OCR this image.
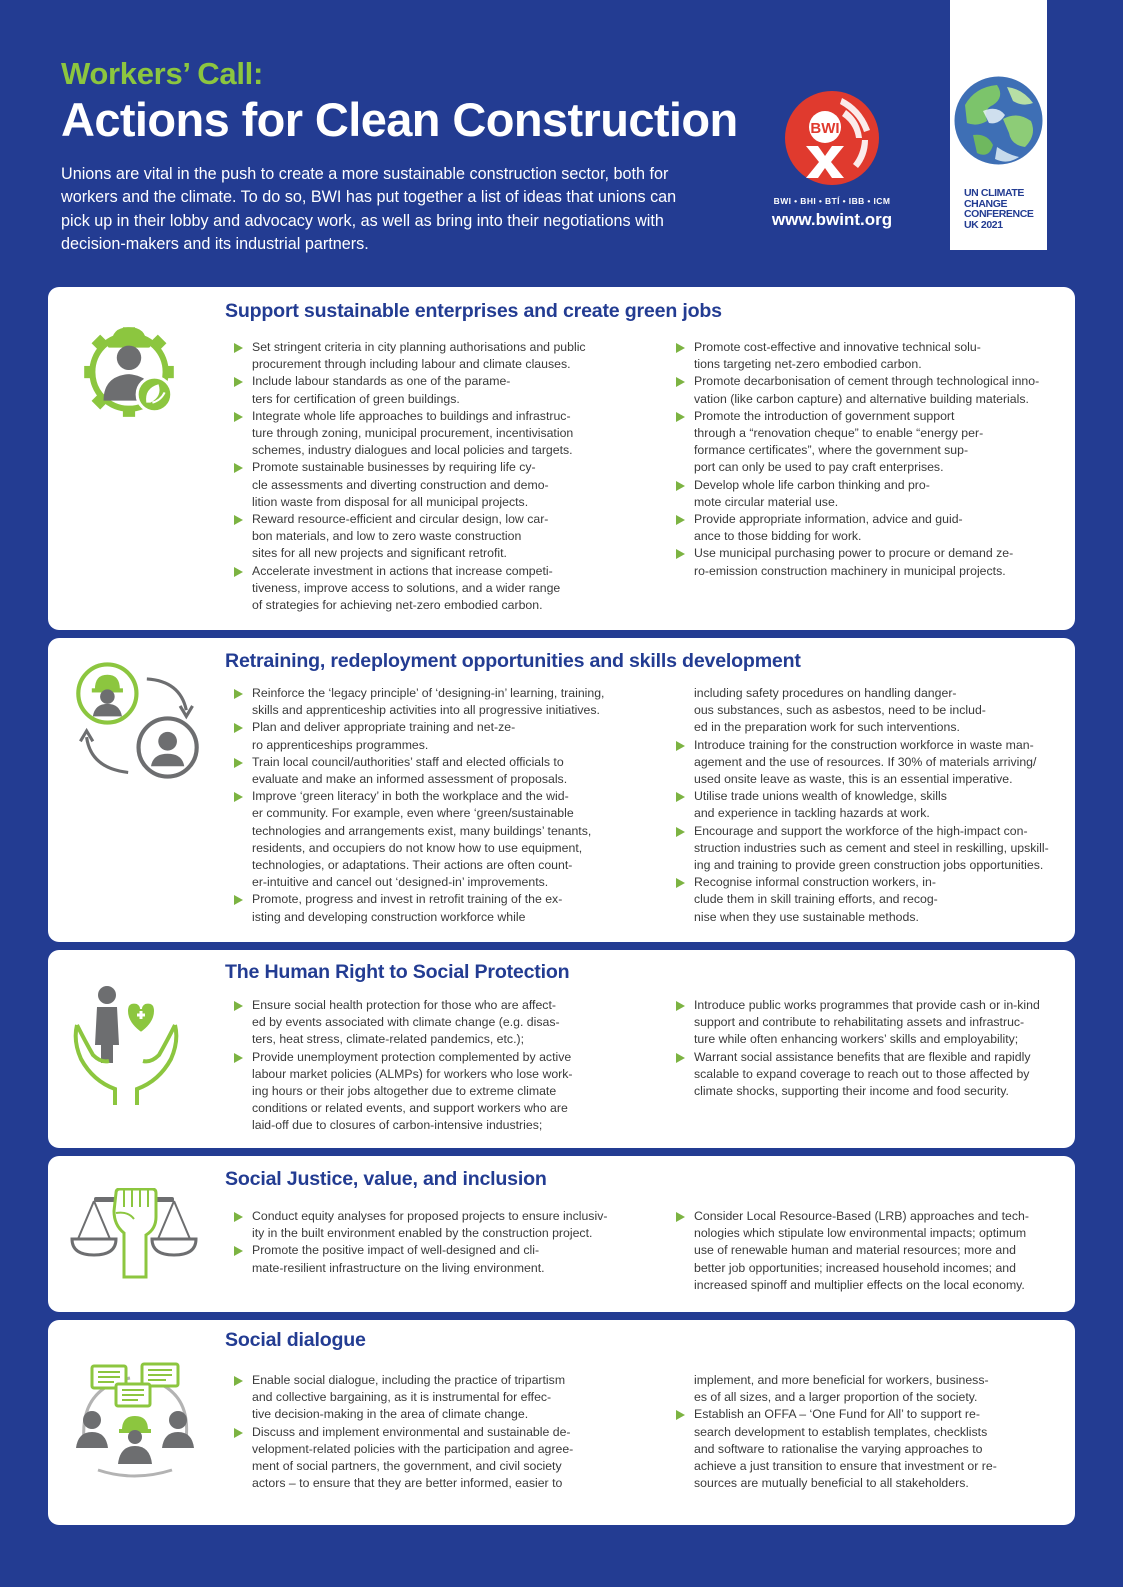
Workers’ Call:
Actions for Clean Construction
Unions are vital in the push to create a more sustainable construction sector, both for
workers and the climate. To do so, BWI has put together a list of ideas that unions can
pick up in their lobby and advocacy work, as well as bring into their negotiations with
decision-makers and its industrial partners.
BWI
BWI • BHI • BTÍ • IBB • ICM
www.bwint.org
UN CLIMATE
CHANGE
CONFERENCE
UK 2021
Support sustainable enterprises and create green jobs
Set stringent criteria in city planning authorisations and public
procurement through including labour and climate clauses.
Include labour standards as one of the parame-
ters for certification of green buildings.
Integrate whole life approaches to buildings and infrastruc-
ture through zoning, municipal procurement, incentivisation
schemes, industry dialogues and local policies and targets.
Promote sustainable businesses by requiring life cy-
cle assessments and diverting construction and demo-
lition waste from disposal for all municipal projects.
Reward resource-efficient and circular design, low car-
bon materials, and low to zero waste construction
sites for all new projects and significant retrofit.
Accelerate investment in actions that increase competi-
tiveness, improve access to solutions, and a wider range
of strategies for achieving net-zero embodied carbon.
Promote cost-effective and innovative technical solu-
tions targeting net-zero embodied carbon.
Promote decarbonisation of cement through technological inno-
vation (like carbon capture) and alternative building materials.
Promote the introduction of government support
through a “renovation cheque” to enable “energy per-
formance certificates”, where the government sup-
port can only be used to pay craft enterprises.
Develop whole life carbon thinking and pro-
mote circular material use.
Provide appropriate information, advice and guid-
ance to those bidding for work.
Use municipal purchasing power to procure or demand ze-
ro-emission construction machinery in municipal projects.
Retraining, redeployment opportunities and skills development
Reinforce the ‘legacy principle’ of ‘designing-in’ learning, training,
skills and apprenticeship activities into all progressive initiatives.
Plan and deliver appropriate training and net-ze-
ro apprenticeships programmes.
Train local council/authorities’ staff and elected officials to
evaluate and make an informed assessment of proposals.
Improve ‘green literacy’ in both the workplace and the wid-
er community. For example, even where ‘green/sustainable
technologies and arrangements exist, many buildings’ tenants,
residents, and occupiers do not know how to use equipment,
technologies, or adaptations. Their actions are often count-
er-intuitive and cancel out ‘designed-in’ improvements.
Promote, progress and invest in retrofit training of the ex-
isting and developing construction workforce while
including safety procedures on handling danger-
ous substances, such as asbestos, need to be includ-
ed in the preparation work for such interventions.
Introduce training for the construction workforce in waste man-
agement and the use of resources. If 30% of materials arriving/
used onsite leave as waste, this is an essential imperative.
Utilise trade unions wealth of knowledge, skills
and experience in tackling hazards at work.
Encourage and support the workforce of the high-impact con-
struction industries such as cement and steel in reskilling, upskill-
ing and training to provide green construction jobs opportunities.
Recognise informal construction workers, in-
clude them in skill training efforts, and recog-
nise when they use sustainable methods.
The Human Right to Social Protection
Ensure social health protection for those who are affect-
ed by events associated with climate change (e.g. disas-
ters, heat stress, climate-related pandemics, etc.);
Provide unemployment protection complemented by active
labour market policies (ALMPs) for workers who lose work-
ing hours or their jobs altogether due to extreme climate
conditions or related events, and support workers who are
laid-off due to closures of carbon-intensive industries;
Introduce public works programmes that provide cash or in-kind
support and contribute to rehabilitating assets and infrastruc-
ture while often enhancing workers’ skills and employability;
Warrant social assistance benefits that are flexible and rapidly
scalable to expand coverage to reach out to those affected by
climate shocks, supporting their income and food security.
Social Justice, value, and inclusion
Conduct equity analyses for proposed projects to ensure inclusiv-
ity in the built environment enabled by the construction project.
Promote the positive impact of well-designed and cli-
mate-resilient infrastructure on the living environment.
Consider Local Resource-Based (LRB) approaches and tech-
nologies which stipulate low environmental impacts; optimum
use of renewable human and material resources; more and
better job opportunities; increased household incomes; and
increased spinoff and multiplier effects on the local economy.
Social dialogue
Enable social dialogue, including the practice of tripartism
and collective bargaining, as it is instrumental for effec-
tive decision-making in the area of climate change.
Discuss and implement environmental and sustainable de-
velopment-related policies with the participation and agree-
ment of social partners, the government, and civil society
actors – to ensure that they are better informed, easier to
implement, and more beneficial for workers, business-
es of all sizes, and a larger proportion of the society.
Establish an OFFA – ‘One Fund for All’ to support re-
search development to establish templates, checklists
and software to rationalise the varying approaches to
achieve a just transition to ensure that investment or re-
sources are mutually beneficial to all stakeholders.
